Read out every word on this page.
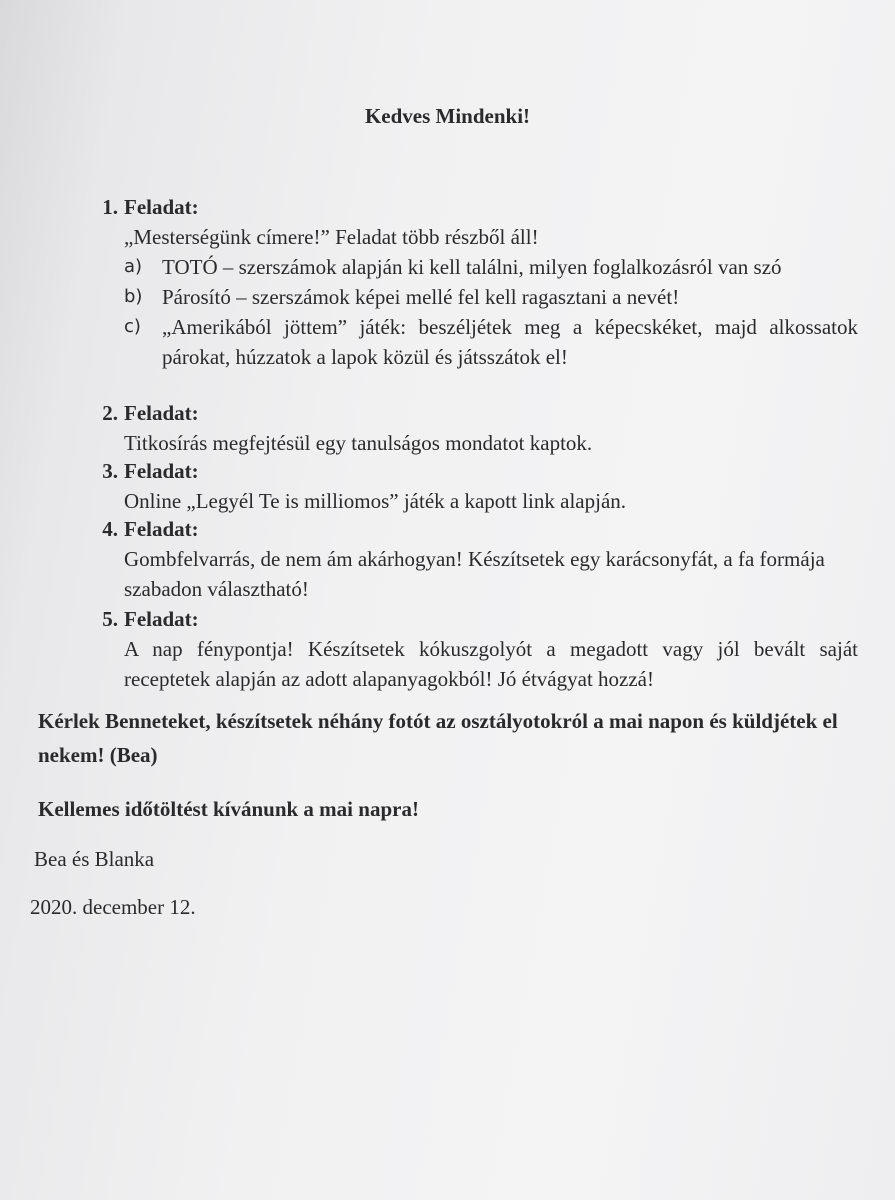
Kedves Mindenki!
1. Feladat:
„Mesterségünk címere!” Feladat több részből áll!
a) TOTÓ – szerszámok alapján ki kell találni, milyen foglalkozásról van szó
b) Párosító – szerszámok képei mellé fel kell ragasztani a nevét!
c) „Amerikából jöttem” játék: beszéljétek meg a képecskéket, majd alkossatok párokat, húzzatok a lapok közül és játsszátok el!
2. Feladat:
Titkosírás megfejtésül egy tanulságos mondatot kaptok.
3. Feladat:
Online „Legyél Te is milliomos” játék a kapott link alapján.
4. Feladat:
Gombfelvarrás, de nem ám akárhogyan! Készítsetek egy karácsonyfát, a fa formája szabadon választható!
5. Feladat:
A nap fénypontja! Készítsetek kókuszgolyót a megadott vagy jól bevált saját receptetek alapján az adott alapanyagokból! Jó étvágyat hozzá!
Kérlek Benneteket, készítsetek néhány fotót az osztályotokról a mai napon és küldjétek el nekem! (Bea)
Kellemes időtöltést kívánunk a mai napra!
Bea és Blanka
2020. december 12.
